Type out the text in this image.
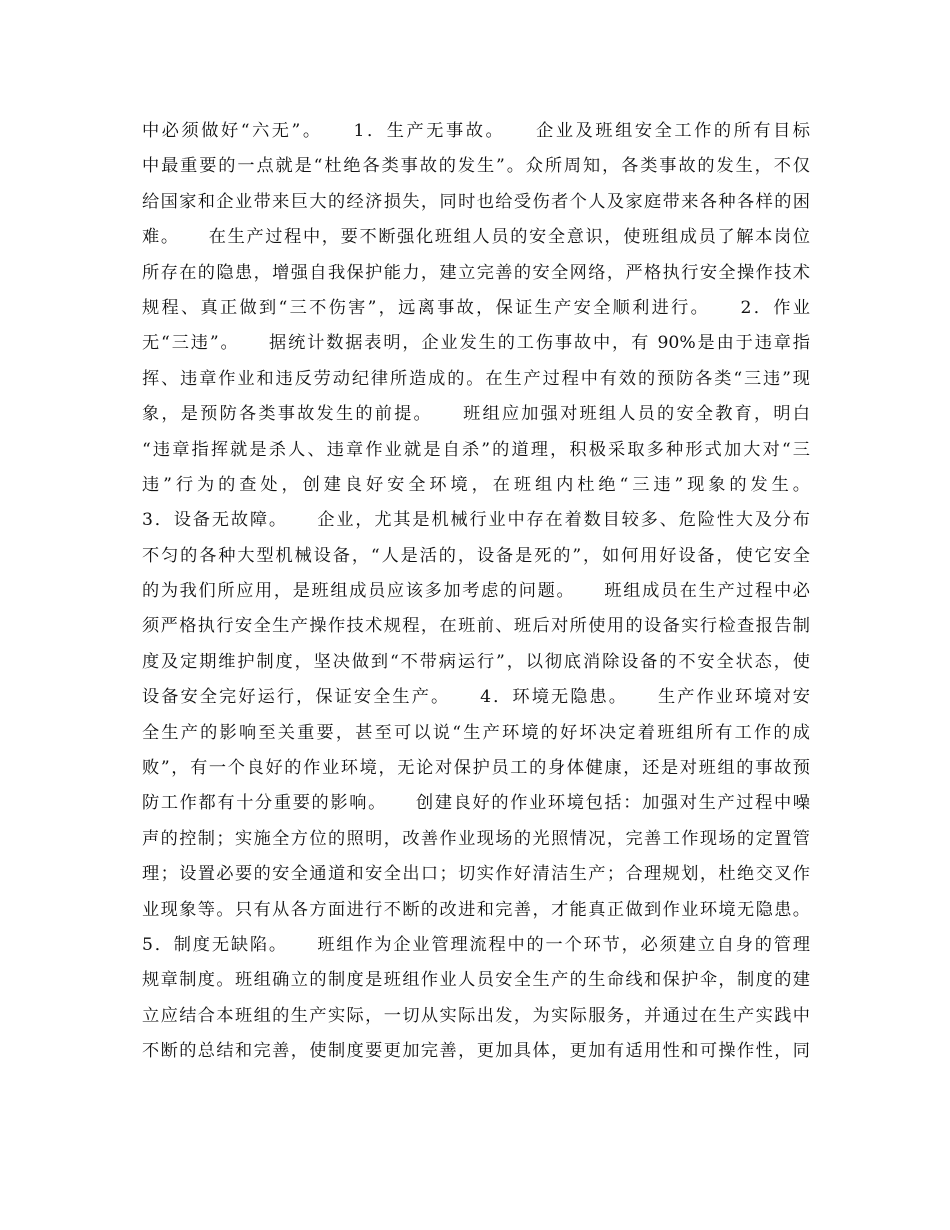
中必须做好“六无”。　　1．生产无事故。　　企业及班组安全工作的所有目标
中最重要的一点就是“杜绝各类事故的发生”。众所周知，各类事故的发生，不仅
给国家和企业带来巨大的经济损失，同时也给受伤者个人及家庭带来各种各样的困
难。　　在生产过程中，要不断强化班组人员的安全意识，使班组成员了解本岗位
所存在的隐患，增强自我保护能力，建立完善的安全网络，严格执行安全操作技术
规程、真正做到“三不伤害”，远离事故，保证生产安全顺利进行。　　2．作业
无“三违”。　　据统计数据表明，企业发生的工伤事故中，有 90%是由于违章指
挥、违章作业和违反劳动纪律所造成的。在生产过程中有效的预防各类“三违”现
象，是预防各类事故发生的前提。　　班组应加强对班组人员的安全教育，明白
“违章指挥就是杀人、违章作业就是自杀”的道理，积极采取多种形式加大对“三
违”行为的查处，创建良好安全环境，在班组内杜绝“三违”现象的发生。
3．设备无故障。　　企业，尤其是机械行业中存在着数目较多、危险性大及分布
不匀的各种大型机械设备，“人是活的，设备是死的”，如何用好设备，使它安全
的为我们所应用，是班组成员应该多加考虑的问题。　　班组成员在生产过程中必
须严格执行安全生产操作技术规程，在班前、班后对所使用的设备实行检查报告制
度及定期维护制度，坚决做到“不带病运行”，以彻底消除设备的不安全状态，使
设备安全完好运行，保证安全生产。　　4．环境无隐患。　　生产作业环境对安
全生产的影响至关重要，甚至可以说“生产环境的好坏决定着班组所有工作的成
败”，有一个良好的作业环境，无论对保护员工的身体健康，还是对班组的事故预
防工作都有十分重要的影响。　　创建良好的作业环境包括：加强对生产过程中噪
声的控制；实施全方位的照明，改善作业现场的光照情况，完善工作现场的定置管
理；设置必要的安全通道和安全出口；切实作好清洁生产；合理规划，杜绝交叉作
业现象等。只有从各方面进行不断的改进和完善，才能真正做到作业环境无隐患。
5．制度无缺陷。　　班组作为企业管理流程中的一个环节，必须建立自身的管理
规章制度。班组确立的制度是班组作业人员安全生产的生命线和保护伞，制度的建
立应结合本班组的生产实际，一切从实际出发，为实际服务，并通过在生产实践中
不断的总结和完善，使制度要更加完善，更加具体，更加有适用性和可操作性，同
